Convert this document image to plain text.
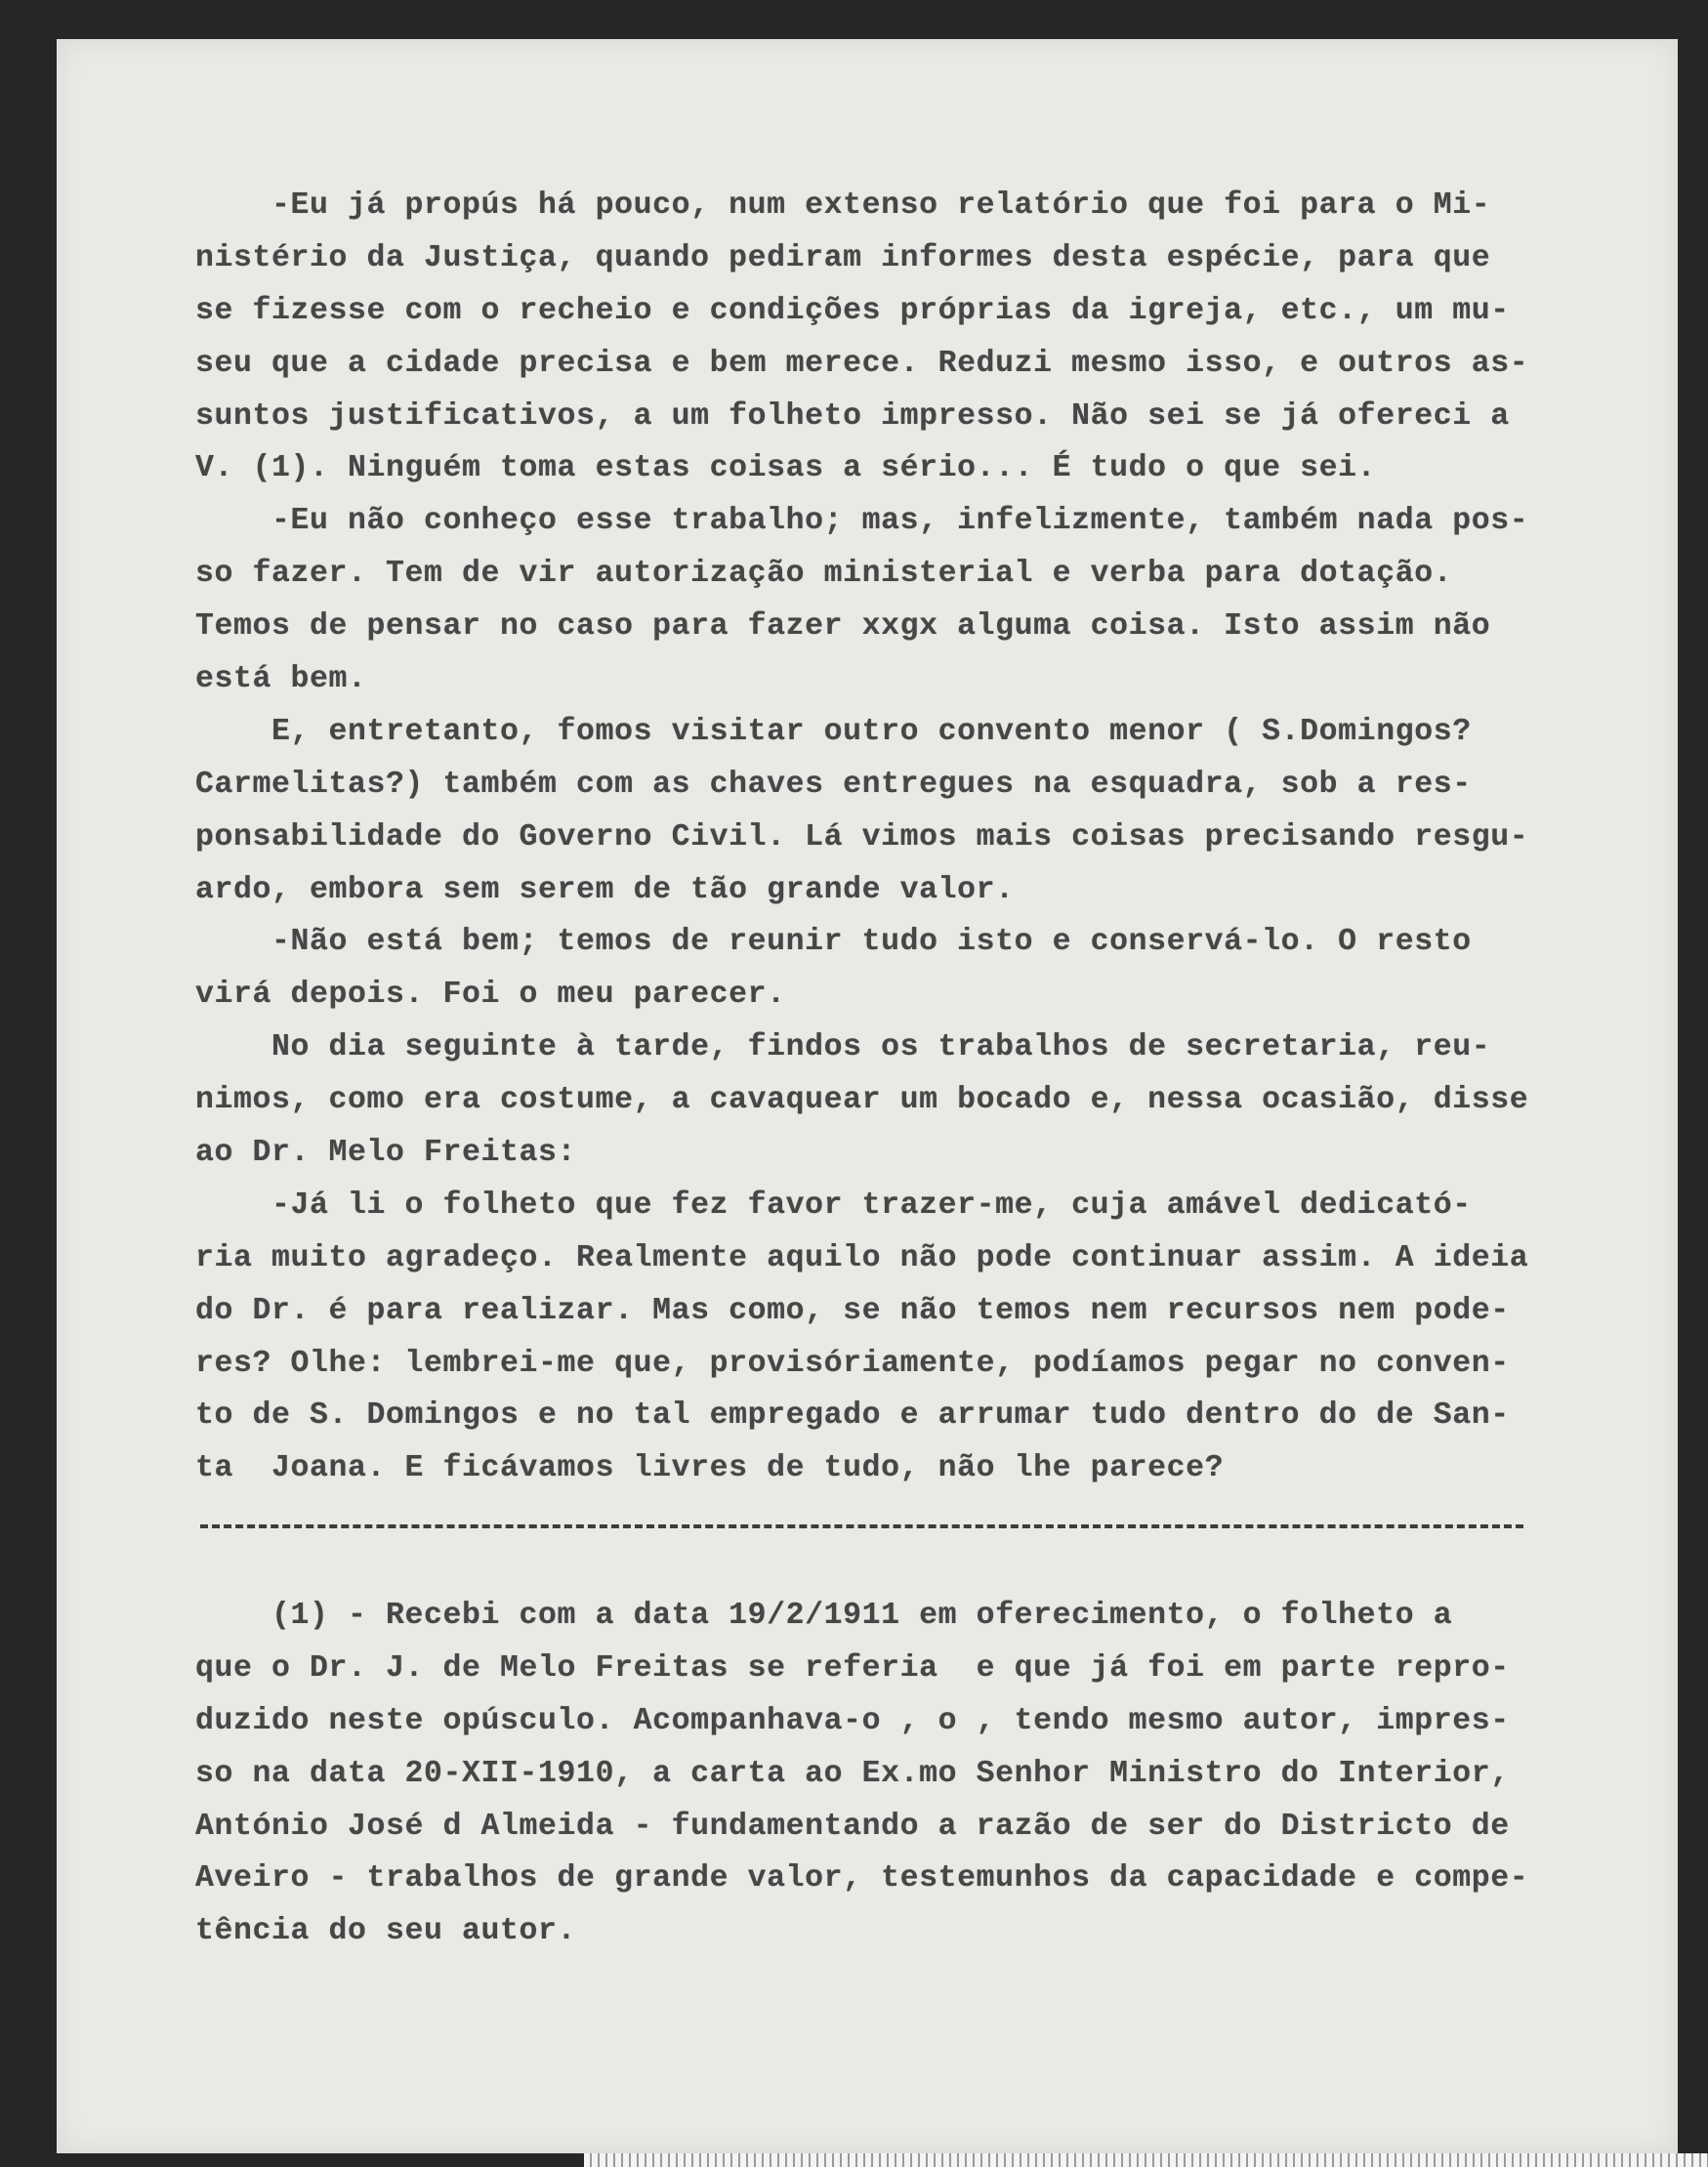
-Eu já propús há pouco, num extenso relatório que foi para o Mi-
nistério da Justiça, quando pediram informes desta espécie, para que
se fizesse com o recheio e condições próprias da igreja, etc., um mu-
seu que a cidade precisa e bem merece. Reduzi mesmo isso, e outros as-
suntos justificativos, a um folheto impresso. Não sei se já ofereci a
V. (1). Ninguém toma estas coisas a sério... É tudo o que sei.
-Eu não conheço esse trabalho; mas, infelizmente, também nada pos-
so fazer. Tem de vir autorização ministerial e verba para dotação.
Temos de pensar no caso para fazer xxgx alguma coisa. Isto assim não
está bem.
E, entretanto, fomos visitar outro convento menor ( S.Domingos?
Carmelitas?) também com as chaves entregues na esquadra, sob a res-
ponsabilidade do Governo Civil. Lá vimos mais coisas precisando resgu-
ardo, embora sem serem de tão grande valor.
-Não está bem; temos de reunir tudo isto e conservá-lo. O resto
virá depois. Foi o meu parecer.
No dia seguinte à tarde, findos os trabalhos de secretaria, reu-
nimos, como era costume, a cavaquear um bocado e, nessa ocasião, disse
ao Dr. Melo Freitas:
-Já li o folheto que fez favor trazer-me, cuja amável dedicató-
ria muito agradeço. Realmente aquilo não pode continuar assim. A ideia
do Dr. é para realizar. Mas como, se não temos nem recursos nem pode-
res? Olhe: lembrei-me que, provisóriamente, podíamos pegar no conven-
to de S. Domingos e no tal empregado e arrumar tudo dentro do de San-
ta  Joana. E ficávamos livres de tudo, não lhe parece?
(1) - Recebi com a data 19/2/1911 em oferecimento, o folheto a
que o Dr. J. de Melo Freitas se referia  e que já foi em parte repro-
duzido neste opúsculo. Acompanhava-o , o , tendo mesmo autor, impres-
so na data 20-XII-1910, a carta ao Ex.mo Senhor Ministro do Interior,
António José d Almeida - fundamentando a razão de ser do Districto de
Aveiro - trabalhos de grande valor, testemunhos da capacidade e compe-
tência do seu autor.
